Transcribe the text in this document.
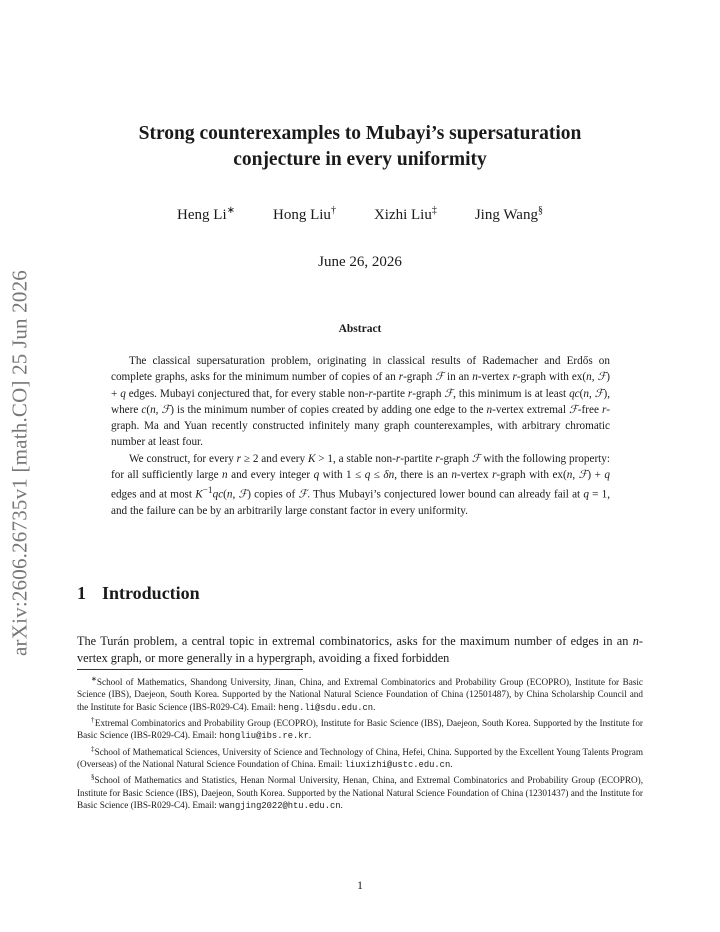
arXiv:2606.26735v1 [math.CO] 25 Jun 2026
Strong counterexamples to Mubayi’s supersaturation
conjecture in every uniformity
Heng Li∗	Hong Liu†	Xizhi Liu‡	Jing Wang§
June 26, 2026
Abstract

The classical supersaturation problem, originating in classical results of Rademacher and Erdős on complete graphs, asks for the minimum number of copies of an r-graph ℱ in an n-vertex r-graph with ex(n, ℱ) + q edges. Mubayi conjectured that, for every stable non-r-partite r-graph ℱ, this minimum is at least qc(n, ℱ), where c(n, ℱ) is the minimum number of copies created by adding one edge to the n-vertex extremal ℱ-free r-graph. Ma and Yuan recently constructed infinitely many graph counterexamples, with arbitrary chromatic number at least four.

We construct, for every r ≥ 2 and every K > 1, a stable non-r-partite r-graph ℱ with the following property: for all sufficiently large n and every integer q with 1 ≤ q ≤ δn, there is an n-vertex r-graph with ex(n, ℱ) + q edges and at most $K^{-1}qc(n$, ℱ) copies of ℱ. Thus Mubayi’s conjectured lower bound can already fail at q = 1, and the failure can be by an arbitrarily large constant factor in every uniformity.

1 Introduction

The Turán problem, a central topic in extremal combinatorics, asks for the maximum number of edges in an n-vertex graph, or more generally in a hypergraph, avoiding a fixed forbidden

∗School of Mathematics, Shandong University, Jinan, China, and Extremal Combinatorics and Probability Group (ECOPRO), Institute for Basic Science (IBS), Daejeon, South Korea. Supported by the National Natural Science Foundation of China (12501487), by China Scholarship Council and the Institute for Basic Science (IBS-R029-C4). Email: heng.li@sdu.edu.cn.

†Extremal Combinatorics and Probability Group (ECOPRO), Institute for Basic Science (IBS), Daejeon, South Korea. Supported by the Institute for Basic Science (IBS-R029-C4). Email: hongliu@ibs.re.kr.

‡School of Mathematical Sciences, University of Science and Technology of China, Hefei, China. Supported by the Excellent Young Talents Program (Overseas) of the National Natural Science Foundation of China. Email: liuxizhi@ustc.edu.cn.

§School of Mathematics and Statistics, Henan Normal University, Henan, China, and Extremal Combinatorics and Probability Group (ECOPRO), Institute for Basic Science (IBS), Daejeon, South Korea. Supported by the National Natural Science Foundation of China (12301437) and the Institute for Basic Science (IBS-R029-C4). Email: wangjing2022@htu.edu.cn.

1
